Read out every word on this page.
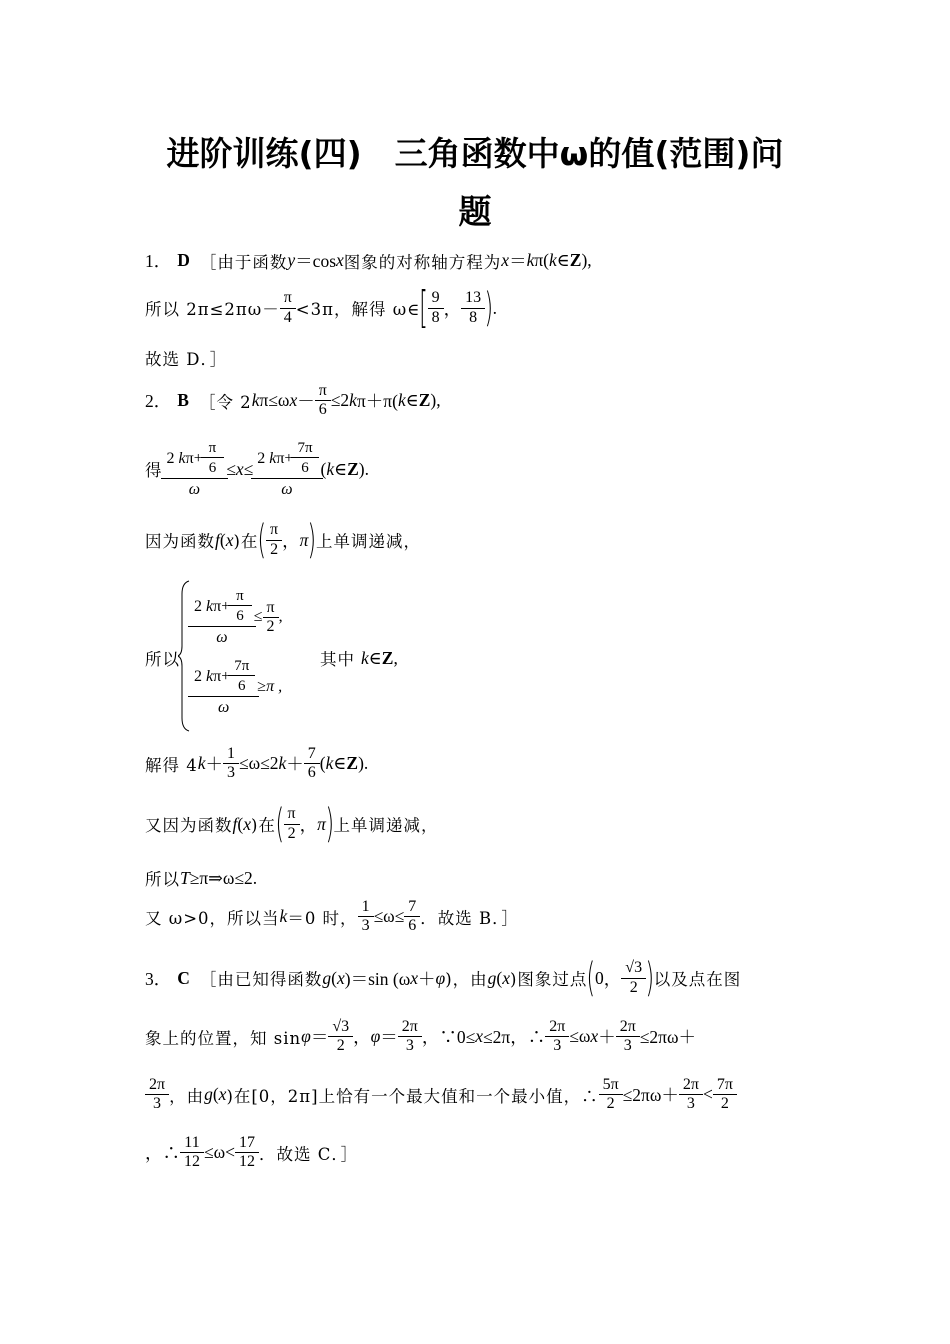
进阶训练(四)　三角函数中ω的值(范围)问
题
1． D ［由于函数 y ＝cos x 图象的对称轴方程为 x ＝ k π( k ∈ Z ),
所以 $2\pi\le 2\pi\omega- \frac{\pi}{4} <3\pi$，解得 ω∈ [ $\frac{9}{8}$ ， $\frac{13}{8}$ ) .
故选 D．］
2． B ［令 2 k π≤ω $x - \frac{\pi}{6} \le 2$ k π＋π( k ∈ Z ),
得 2
k $\pi+ \frac{\pi}{6}$
ω ≤ x ≤ 2
k $\pi+ \frac{7\pi}{6}$
ω ( k ∈ Z ).
因为函数 f ( x )在 ( $\frac{\pi}{2}$ ， π ) 上单调递减，
所以
2
k $\pi+ \frac{\pi}{6}$
$\omega \le \frac{\pi}{2}$ ,
2
k $\pi+ \frac{7\pi}{6}$
ω ≥ π ,
其中 k ∈ Z ,
解得 4 $k + \frac{1}{3} \le\omega\le 2$ $k + \frac{7}{6}$ ( k ∈ Z ).
又因为函数 f ( x )在 ( $\frac{\pi}{2}$ ， π ) 上单调递减，
所以 T ≥π⇒ω≤2.
又 ω>0，所以当 k ＝0 时， $\frac{1}{3} \le\omega\le \frac{7}{6}$ ．故选 B．］
3． C ［由已知得函数 g ( x )＝sin (ω x ＋ φ )，由 g ( x )图象过点 ( 0 ， $\frac{√3}{2}$ ) 以及点在图
象上的位置，知 $\sin \varphi = \frac{√3}{2}$ ， $\varphi = \frac{2\pi}{3}$ ，∵0≤ x ≤2π，∴ $\frac{2\pi}{3} \le\omega$ $x + \frac{2\pi}{3} \le 2\pi\omega+$
$\frac{2\pi}{3}$ ，由 g ( x )在[0，2π]上恰有一个最大值和一个最小值，∴ $\frac{5\pi}{2} \le 2\pi\omega+ \frac{2\pi}{3} < \frac{7\pi}{2}$
，∴ $\frac{11}{12} \le\omega< \frac{17}{12}$ ．故选 C．］
